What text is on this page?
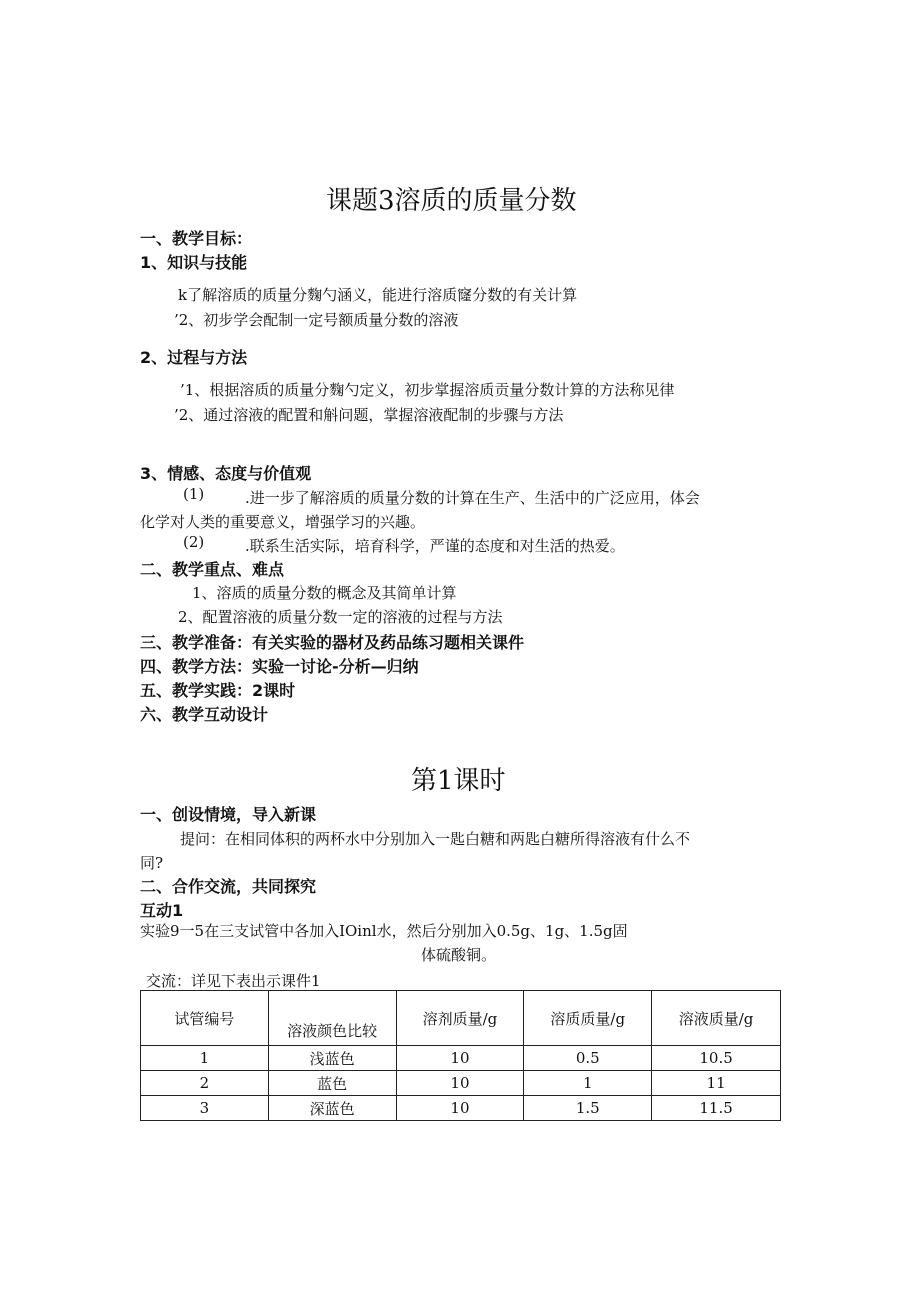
课题3溶质的质量分数
一、教学目标：
1、知识与技能
k了解溶质的质量分麴勺涵义，能进行溶质窿分数的有关计算
’2、初步学会配制一定号额质量分数的溶液
2、过程与方法
’1、根据溶质的质量分麴勺定义，初步掌握溶质贡量分数计算的方法称见律
’2、通过溶液的配置和斛问题，掌握溶液配制的步骤与方法
3、情感、态度与价值观
(1)	.进一步了解溶质的质量分数的计算在生产、生活中的广泛应用，体会
化学对人类的重要意义，增强学习的兴趣。
(2)	.联系生活实际，培育科学，严谨的态度和对生活的热爱。
二、教学重点、难点
1、溶质的质量分数的概念及其简单计算
2、配置溶液的质量分数一定的溶液的过程与方法
三、教学准备：有关实验的器材及药品练习题相关课件
四、教学方法：实验一讨论-分析—归纳
五、教学实践：2课时
六、教学互动设计
第1课时
一、创设情境，导入新课
提问：在相同体积的两杯水中分别加入一匙白糖和两匙白糖所得溶液有什么不
同?
二、合作交流，共同探究
互动1
实验9一5在三支试管中各加入IOinl水，然后分别加入0.5g、1g、1.5g固
体硫酸铜。
交流：详见下表出示课件1
试管编号	溶液颜色比较	溶剂质量/g	溶质质量/g	溶液质量/g
1	浅蓝色	10	0.5	10.5
2	蓝色	10	1	11
3	深蓝色	10	1.5	11.5
